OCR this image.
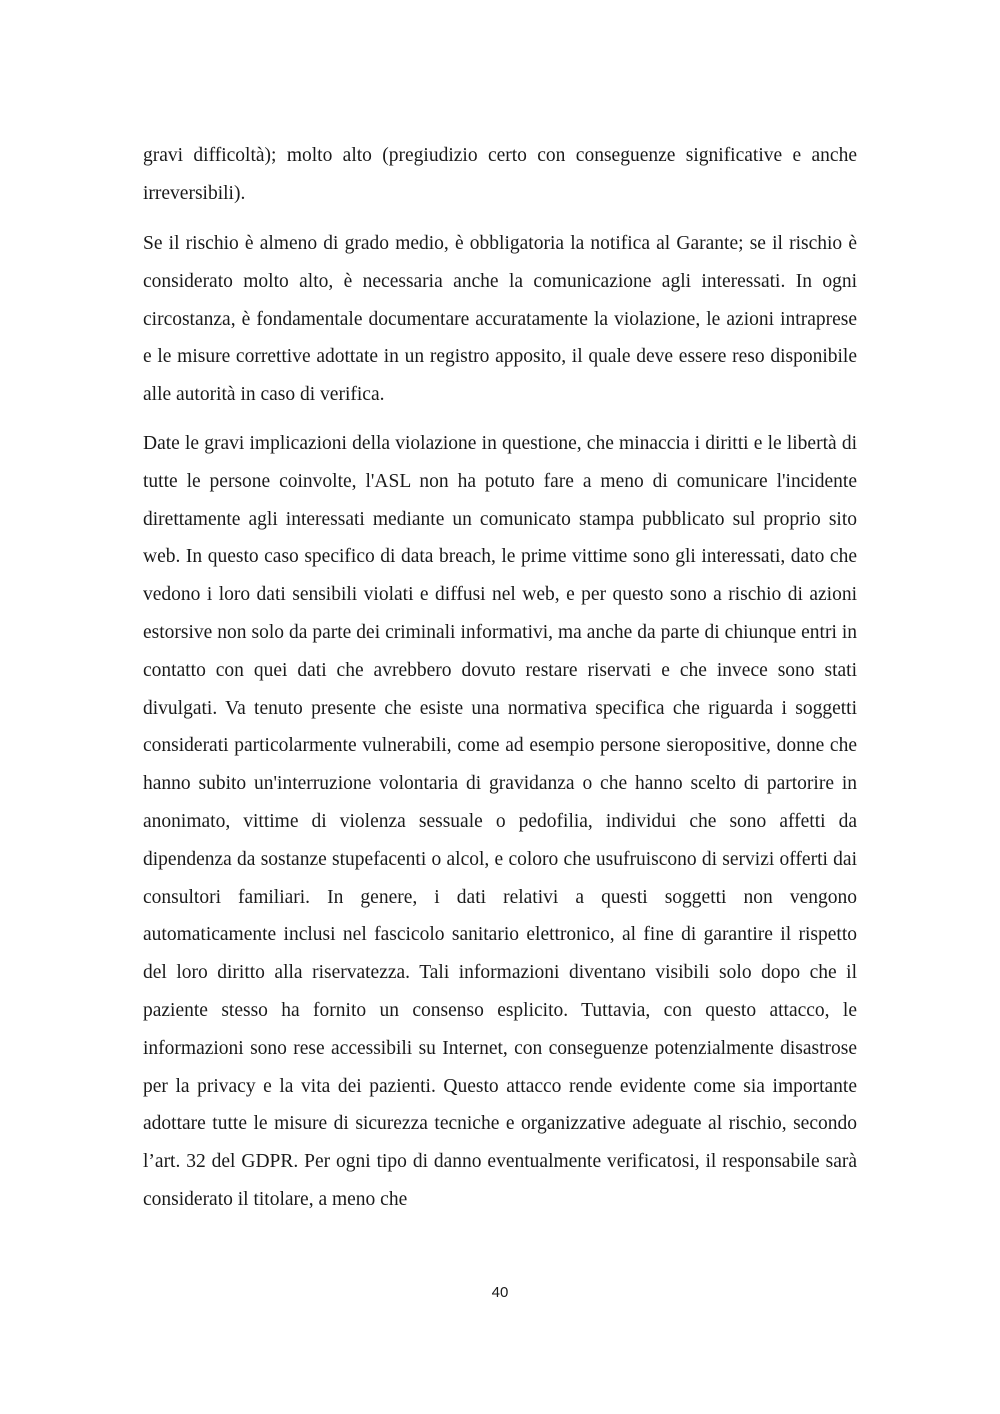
gravi difficoltà); molto alto (pregiudizio certo con conseguenze significative e anche irreversibili).

Se il rischio è almeno di grado medio, è obbligatoria la notifica al Garante; se il rischio è considerato molto alto, è necessaria anche la comunicazione agli interessati. In ogni circostanza, è fondamentale documentare accuratamente la violazione, le azioni intraprese e le misure correttive adottate in un registro apposito, il quale deve essere reso disponibile alle autorità in caso di verifica.

Date le gravi implicazioni della violazione in questione, che minaccia i diritti e le libertà di tutte le persone coinvolte, l'ASL non ha potuto fare a meno di comunicare l'incidente direttamente agli interessati mediante un comunicato stampa pubblicato sul proprio sito web. In questo caso specifico di data breach, le prime vittime sono gli interessati, dato che vedono i loro dati sensibili violati e diffusi nel web, e per questo sono a rischio di azioni estorsive non solo da parte dei criminali informativi, ma anche da parte di chiunque entri in contatto con quei dati che avrebbero dovuto restare riservati e che invece sono stati divulgati. Va tenuto presente che esiste una normativa specifica che riguarda i soggetti considerati particolarmente vulnerabili, come ad esempio persone sieropositive, donne che hanno subito un'interruzione volontaria di gravidanza o che hanno scelto di partorire in anonimato, vittime di violenza sessuale o pedofilia, individui che sono affetti da dipendenza da sostanze stupefacenti o alcol, e coloro che usufruiscono di servizi offerti dai consultori familiari. In genere, i dati relativi a questi soggetti non vengono automaticamente inclusi nel fascicolo sanitario elettronico, al fine di garantire il rispetto del loro diritto alla riservatezza. Tali informazioni diventano visibili solo dopo che il paziente stesso ha fornito un consenso esplicito. Tuttavia, con questo attacco, le informazioni sono rese accessibili su Internet, con conseguenze potenzialmente disastrose per la privacy e la vita dei pazienti. Questo attacco rende evidente come sia importante adottare tutte le misure di sicurezza tecniche e organizzative adeguate al rischio, secondo l’art. 32 del GDPR. Per ogni tipo di danno eventualmente verificatosi, il responsabile sarà considerato il titolare, a meno che

40
